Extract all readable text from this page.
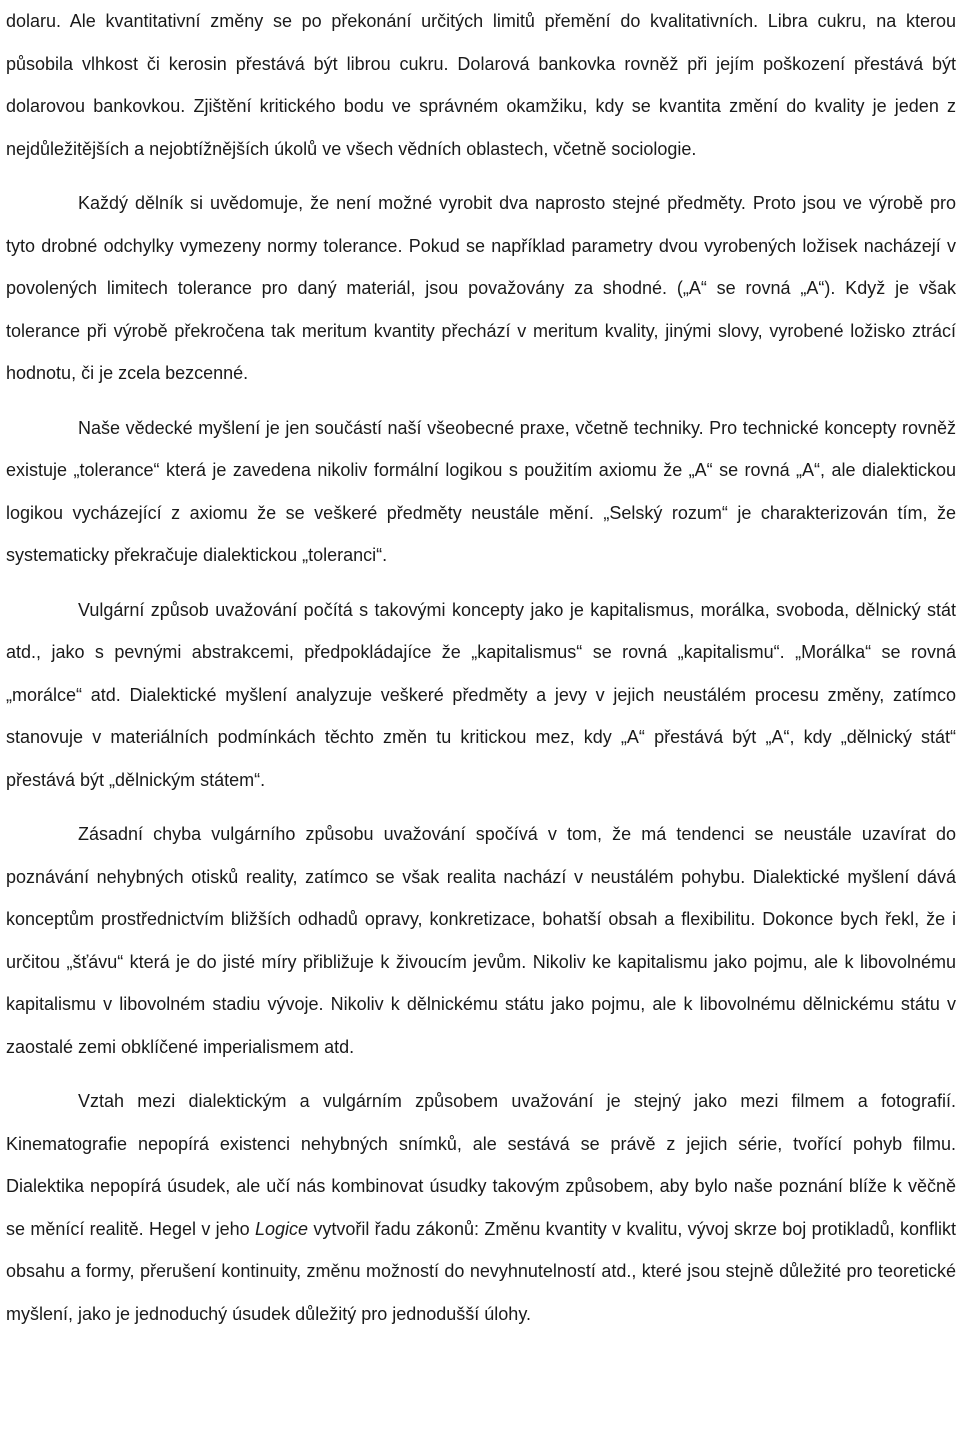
dolaru. Ale kvantitativní změny se po překonání určitých limitů přemění do kvalitativních. Libra cukru, na kterou působila vlhkost či kerosin přestává být librou cukru. Dolarová bankovka rovněž při jejím poškození přestává být dolarovou bankovkou. Zjištění kritického bodu ve správném okamžiku, kdy se kvantita změní do kvality je jeden z nejdůležitějších a nejobtížnějších úkolů ve všech vědních oblastech, včetně sociologie.

Každý dělník si uvědomuje, že není možné vyrobit dva naprosto stejné předměty. Proto jsou ve výrobě pro tyto drobné odchylky vymezeny normy tolerance. Pokud se například parametry dvou vyrobených ložisek nacházejí v povolených limitech tolerance pro daný materiál, jsou považovány za shodné. („A“ se rovná „A“). Když je však tolerance při výrobě překročena tak meritum kvantity přechází v meritum kvality, jinými slovy, vyrobené ložisko ztrácí hodnotu, či je zcela bezcenné.

Naše vědecké myšlení je jen součástí naší všeobecné praxe, včetně techniky. Pro technické koncepty rovněž existuje „tolerance“ která je zavedena nikoliv formální logikou s použitím axiomu že „A“ se rovná „A“, ale dialektickou logikou vycházející z axiomu že se veškeré předměty neustále mění. „Selský rozum“ je charakterizován tím, že systematicky překračuje dialektickou „toleranci“.

Vulgární způsob uvažování počítá s takovými koncepty jako je kapitalismus, morálka, svoboda, dělnický stát atd., jako s pevnými abstrakcemi, předpokládajíce že „kapitalismus“ se rovná „kapitalismu“. „Morálka“ se rovná „morálce“ atd. Dialektické myšlení analyzuje veškeré předměty a jevy v jejich neustálém procesu změny, zatímco stanovuje v materiálních podmínkách těchto změn tu kritickou mez, kdy „A“ přestává být „A“, kdy „dělnický stát“ přestává být „dělnickým státem“.

Zásadní chyba vulgárního způsobu uvažování spočívá v tom, že má tendenci se neustále uzavírat do poznávání nehybných otisků reality, zatímco se však realita nachází v neustálém pohybu. Dialektické myšlení dává konceptům prostřednictvím bližších odhadů opravy, konkretizace, bohatší obsah a flexibilitu. Dokonce bych řekl, že i určitou „šťávu“ která je do jisté míry přibližuje k živoucím jevům. Nikoliv ke kapitalismu jako pojmu, ale k libovolnému kapitalismu v libovolném stadiu vývoje. Nikoliv k dělnickému státu jako pojmu, ale k libovolnému dělnickému státu v zaostalé zemi obklíčené imperialismem atd.

Vztah mezi dialektickým a vulgárním způsobem uvažování je stejný jako mezi filmem a fotografií. Kinematografie nepopírá existenci nehybných snímků, ale sestává se právě z jejich série, tvořící pohyb filmu. Dialektika nepopírá úsudek, ale učí nás kombinovat úsudky takovým způsobem, aby bylo naše poznání blíže k věčně se měnící realitě. Hegel v jeho Logice vytvořil řadu zákonů: Změnu kvantity v kvalitu, vývoj skrze boj protikladů, konflikt obsahu a formy, přerušení kontinuity, změnu možností do nevyhnutelností atd., které jsou stejně důležité pro teoretické myšlení, jako je jednoduchý úsudek důležitý pro jednodušší úlohy.
